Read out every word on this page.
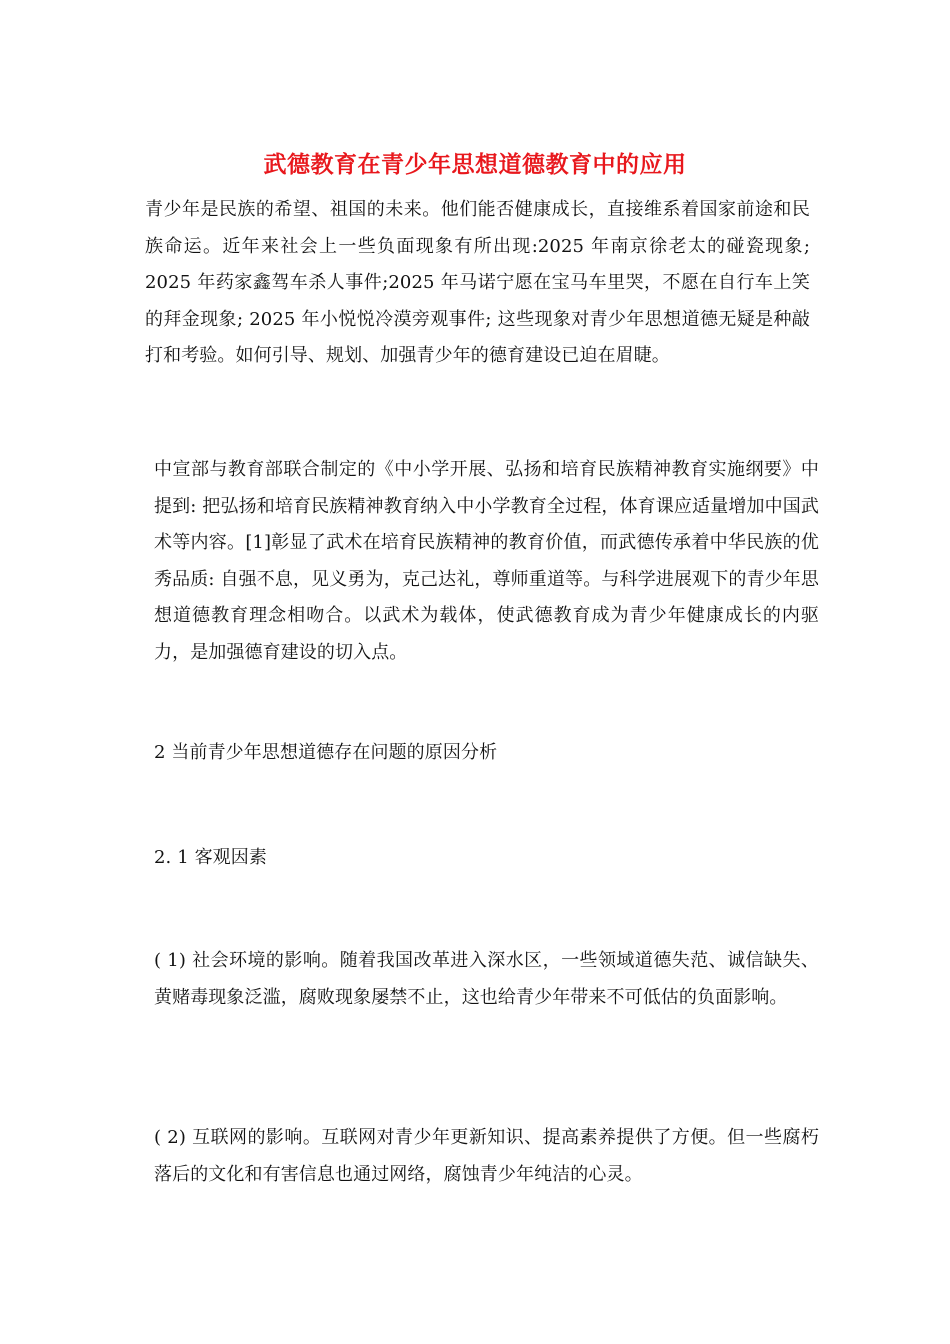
武德教育在青少年思想道德教育中的应用

青少年是民族的希望、祖国的未来。他们能否健康成长，直接维系着国家前途和民族命运。近年来社会上一些负面现象有所出现:2025 年南京徐老太的碰瓷现象; 2025 年药家鑫驾车杀人事件;2025 年马诺宁愿在宝马车里哭，不愿在自行车上笑的拜金现象; 2025 年小悦悦冷漠旁观事件; 这些现象对青少年思想道德无疑是种敲打和考验。如何引导、规划、加强青少年的德育建设已迫在眉睫。

中宣部与教育部联合制定的《中小学开展、弘扬和培育民族精神教育实施纲要》中提到: 把弘扬和培育民族精神教育纳入中小学教育全过程，体育课应适量增加中国武术等内容。[1]彰显了武术在培育民族精神的教育价值，而武德传承着中华民族的优秀品质: 自强不息，见义勇为，克己达礼，尊师重道等。与科学进展观下的青少年思想道德教育理念相吻合。以武术为载体，使武德教育成为青少年健康成长的内驱力，是加强德育建设的切入点。

2 当前青少年思想道德存在问题的原因分析

2. 1 客观因素

( 1) 社会环境的影响。随着我国改革进入深水区，一些领域道德失范、诚信缺失、黄赌毒现象泛滥，腐败现象屡禁不止，这也给青少年带来不可低估的负面影响。

( 2) 互联网的影响。互联网对青少年更新知识、提高素养提供了方便。但一些腐朽落后的文化和有害信息也通过网络，腐蚀青少年纯洁的心灵。
